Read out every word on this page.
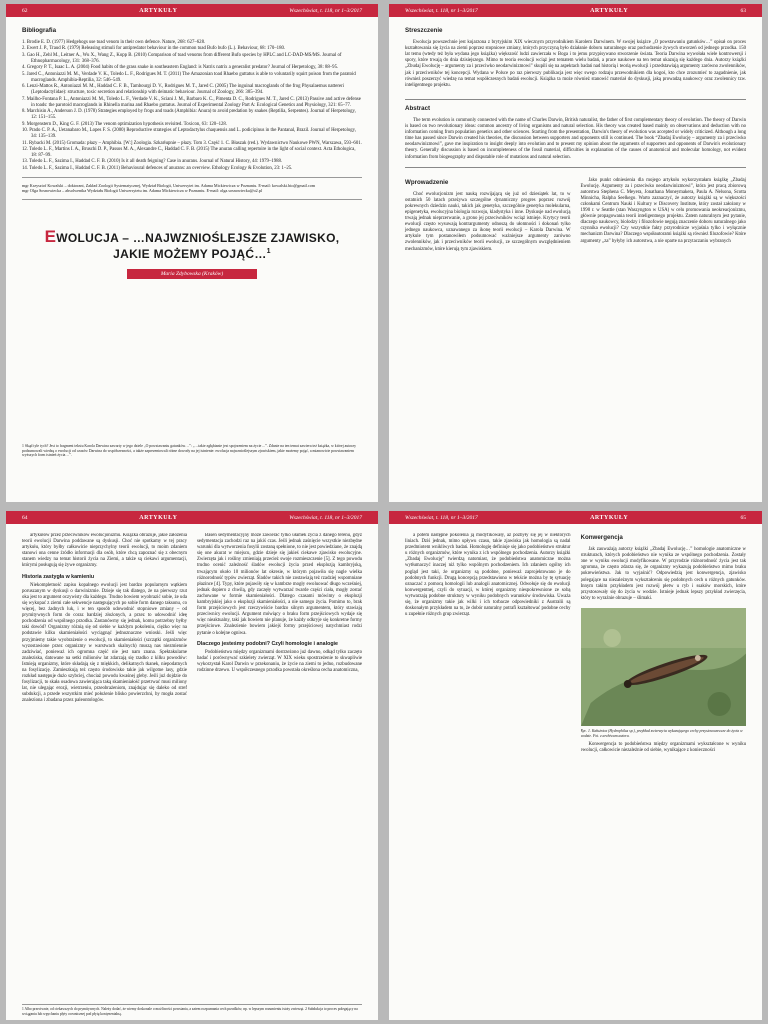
62	ARTYKUŁY	Wszechświat, t. 118, nr 1–3/2017
Bibliografia
1. Brodie E. D. (1977) Hedgehogs use toad venom in their own defence. Nature, 268: 627–628.
2. Ewert J. P., Traud R. (1979) Releasing stimuli for antipredator behaviour in the common toad Bufo bufo (L.). Behaviour, 68: 170–180.
3. Gao H., Zehl M., Leitner A., Wu X., Wang Z., Kopp B. (2010) Comparison of toad venoms from different Bufo species by HPLC and LC-DAD-MS/MS. Journal of Ethnopharmacology, 131: 368–376.
4. Gregory P. T., Isaac L. A. (2004) Food habits of the grass snake in southeastern England: is Natrix natrix a generalist predator? Journal of Herpetology, 38: 88–95.
5. Jared C., Antoniazzi M. M., Verdade V. K., Toledo L. F., Rodrigues M. T. (2011) The Amazonian toad Rhaebo guttatus is able to voluntarily squirt poison from the paratoid macroglands. Amphibia-Reptilia, 32: 546–549.
6. Lenzi-Mattos R., Antoniazzi M. M., Haddad C. F. B., Tambourgi D. V., Rodrigues M. T., Jared C. (2005) The inguinal macroglands of the frog Physalaemus nattereri (Leptodactylidae): structure, toxic secretion and relationship with deimatic behaviour. Journal of Zoology, 266: 385–394.
7. Mailho-Fontana P. L., Antoniazzi M. M., Toledo L. F., Verdade V. K., Sciani J. M., Barbaro K. C., Pimenta D. C., Rodrigues M. T., Jared C. (2013) Passive and active defense in toads: the parotoid macroglands in Rhinella marina and Rhaebo guttatus. Journal of Experimental Zoology Part A: Ecological Genetics and Physiology, 321: 65–77.
8. Marchisin A., Anderson J. D. (1978) Strategies employed by frogs and toads (Amphibia: Anura) to avoid predation by snakes (Reptilia, Serpentes). Journal of Herpetology, 12: 151–155.
9. Morgenstern D., King G. F. (2013) The venom optimization hypothesis revisited. Toxicon, 63: 120–128.
10. Prado C. P. A., Uetanabaro M., Lopes F. S. (2000) Reproductive strategies of Leptodactylus chaquensis and L. podicipinus in the Pantanal, Brazil. Journal of Herpetology, 34: 135–139.
11. Rybacki M. (2015) Gromada: płazy – Amphibia. [W:] Zoologia. Szkarłupnie – płazy. Tom 3. Część 1. C. Błaszak (red.). Wydawnictwo Naukowe PWN, Warszawa, 593–601.
12. Toledo L. F., Martins I. A., Bruschi D. P., Passos M. A., Alexandre C., Haddad C. F. B. (2015) The anuran calling repertoire in the light of social context. Acta Ethologica, 18: 87–99.
13. Toledo L. F., Sazima I., Haddad C. F. B. (2010) Is it all death feigning? Case in anurans. Journal of Natural History, 44: 1979–1988.
14. Toledo L. F., Sazima I., Haddad C. F. B. (2011) Behavioural defences of anurans: an overview. Ethology Ecology & Evolution, 23: 1–25.
mgr Krzysztof Kowalski – doktorant, Zakład Zoologii Systematycznej, Wydział Biologii, Uniwersytet im. Adama Mickiewicza w Poznaniu. E-mail: kowalski.bio@gmail.com
mgr Olga Sosnowiecka – absolwentka Wydziału Biologii Uniwersytetu im. Adama Mickiewicza w Poznaniu. E-mail: olga.sosnowiecka@o2.pl
EWOLUCJA – …NAJWZNIOŚLEJSZE ZJAWISKO,
JAKIE MOŻEMY POJĄĆ…$^1$
Maria Zdybowska (Kraków)
1 Skąd tyle tych? Jest to fragment tekstu Karola Darwina zawarty w jego dziele „O powstawaniu gatunków…”: „…takie zgłębianie jest spojrzeniem na życie ...”. Zdanie na ten temat zawiera też książka, w której autorzy podsumowali wiedzę o ewolucji od czasów Darwina do współczesności, a także zaprezentowali różne dowody na jej istnienie: ewolucja najwznioślejszym zjawiskiem, jakie możemy pojąć, a mianowicie powstawaniem wyższych form istnień życia…”.
Wszechświat, t. 118, nr 1–3/2017	ARTYKUŁY	63
Streszczenie

Ewolucja powszechnie jest kojarzona z brytyjskim XIX wiecznym przyrodnikiem Karolem Darwinem. W swojej książce „O powstawaniu gatunków…” opisał on proces kształtowania się życia na ziemi poprzez stopniowe zmiany, których przyczyną było działanie doboru naturalnego oraz pochodzenie żywych stworzeń od jednego przodka. 150 lat temu (wtedy też była wydana jego książka) większość ludzi zawierzała w Boga i to jemu przypisywano stworzenie świata. Teoria Darwina wywołała wiele kontrowersji i spory, które trwają do dnia dzisiejszego. Mimo to teoria ewolucji wciąż jest tematem wielu badań, a prace naukowe na ten temat ukazują się każdego dnia. Autorzy książki „Zbudaj Ewolucję – argumenty za i przeciwko neodarwinizmowi” skupili się na aspektach badań nad historią i teorią ewolucji i przedstawiają argumenty zarówno zwolenników, jak i przeciwników tej koncepcji. Wydana w Polsce po raz pierwszy publikacja jest więc swego rodzaju przewodnikiem dla kogoś, kto chce zrozumieć to zagadnienie, jak również poszerzyć wiedzę na temat współczesnych badań ewolucji. Książka ta może również stanowić materiał do dyskusji, jaką prowadzą naukowcy oraz zwolennicy tzw. inteligentnego projektu.

Abstract

The term evolution is commonly connected with the name of Charles Darwin, British naturalist, the father of first complementary theory of evolution. The theory of Darwin is based on two revolutionary ideas: common ancestry of living organisms and natural selection. His theory was created based mainly on observations and deduction with no information coming from population genetics and other sciences. Starting from the presentation, Darwin's theory of evolution was accepted or widely criticized. Although a long time has passed since Darwin created his theories, the discussion between supporters and opponents still is continued. The book “Zbadaj Ewolucję – argumenty za i przeciwko neodarwinizmowi”, gave me inspiration to insight deeply into evolution and to present my opinion about the arguments of supporters and opponents of Darwin's evolutionary theory. Generally discussion is based on incompleteness of the fossil material, difficulties in explanation of the causes of anatomical and molecular homology, not evident information from biogeography and disputable role of mutations and natural selection.

Wprowadzenie

Choć ewolucjonizm jest nauką rozwijającą się już od dziesiątek lat, to w ostatnich 50 latach przeżywa szczególne dynamiczny progres poprzez rozwój pokrewnych dziedzin nauki, takich jak genetyka, szczególnie genetyka molekularna, epigenetyka, ewolucyjna biologia rozwoju, kladystyka i inne. Dyskusje nad ewolucją trwają jednak nieprzerwanie, a grono jej przeciwników wciąż istnieje. Krytycy teorii ewolucji często wysuwają kontrargumenty odnoszą do ułomności i dokonań tylko jednego naukowca, uznawanego za ikonę teorii ewolucji – Karola Darwina. W artykule tym postanowiłem podsumować ważniejsze argumenty zarówno zwolenników, jak i przeciwników teorii ewolucji, ze szczególnym uwzględnieniem mechanizmów, które kierują tym zjawiskiem.

Jako punkt odniesienia dla mojego artykułu wykorzystałam książkę „Zbadaj Ewolucję. Argumenty za i przeciwko neodarwinizmowi”, która jest pracą zbiorową autorstwa Stephena C. Meyera, Jonathana Moneymakera, Paula A. Nelsona, Scotta Minnicha, Ralpha Seelkego. Warto zaznaczyć, że autorzy książki są w większości członkami Centrum Nauki i Kultury w Discovery Institute, który został założony w 1990 r. w Seattle (stan Waszyngton w USA) w celu promowania neokreacjonizmu, głównie propagowania teorii inteligentnego projektu. Zatem naturalnym jest pytanie, dlaczego naukowcy, biolodzy i filozofowie negują znaczenie doboru naturalnego jako czynnika ewolucji? Czy wszystkie fakty przyrodnicze wyjaśnia tylko i wyłącznie mechanizm Darwina? Dlaczego współautorami książki są również filozofowie? Które argumenty „za” byłyby ich autorstwa, a nie oparte na przytaczaniu wybranych

64	ARTYKUŁY	Wszechświat, t. 118, nr 1–3/2017

artykułów przez przeciwników ewolucjonizmu. Książka obrazuje, jakie założenia teorii ewolucji Darwina poddawane są dyskusji. Choć nie spotkamy w tej pracy artykułu, który byłby całkowicie nieprzychylny teorii ewolucji, to moim zdaniem stanowi ona cenne źródło informacji dla osób, które chcą zapoznać się z obecnym stanem wiedzy na temat historii życia na Ziemi, a także są ciekawi argumentacji, którymi posługują się żywe organizmy.

Historia zastygła w kamieniu

Niekompletność zapisu kopalnego ewolucji jest bardzo popularnym wątkiem poruszanym w dyskusji o darwinizmie. Dzieje się tak dlatego, że na pierwszy rzut oka jest to argument oczywisty dla każdego. Trudno bowiem wyobrazić sobie, że uda się wykopać z ziemi całe sekwencje następujących po sobie form danego taksonu, co więcej, bez żadnych luk, i w ten sposób udowodnić stopniowe zmiany – od prymitywnych form do coraz bardziej złożonych, a przez to udowodnić ideę pochodzenia od wspólnego przodka. Zastanówmy się jednak, komu potrzebny byłby taki dowód? Organizmy różnią się od siebie w każdym pokoleniu, ciężko więc na podstawie kilku skamieniałości wyciągnąć jednoznaczne wnioski. Jeśli więc przyjmiemy takie wyobrażenie o ewolucji, to skamieniałości (szczątki organizmów wyzostawione przez organizmy w warstwach skalnych) muszą nas niezmiennie zadziwiać, ponieważ ich ogromna część nie jest nam znana. Spektakularne znaleziska, datowane na setki milionów lat zdarzają się rzadko z kilku powodów: Istnieją organizmy, które składają się z miękkich, delikatnych tkanek, niepodatnych na fosylizację. Zamieszkują też często środowisko takie jak wilgotne lasy, gdzie rozkład następuje dużo szybciej, chociaż powodu kwaśnej gleby. Jeśli już dojdzie do fosylizacji, to skała osadowa zawierająca taką skamieniałość przetrwać musi miliony lat, nie ulegając erozji, wietrzeniu, przeobrażeniom, znajdując się daleko od stref subdukcji, a przede wszystkim mieć położenie blisko powierzchni, by mogła zostać znaleziona i zbadana przez paleontologów.

Basen sedymentacyjny może zawierać tylko ułamek życia z danego terenu, gdyż sedymentacja zachodzi raz na jakiś czas. Jeśli jednak zaśnięcie wszystkie niezbędne warunki dla wytworzenia fosylii zostaną spełnione, to nie jest powiedziane, że znajdą się one akurat w miejscu, gdzie dzieje się jakieś ciekawe zjawisko ewolucyjne. Zwierzęta jak i rośliny zmieniają przecież swoje rozmieszczenie [5]. Z tego powodu trudno ocenić zależność śladów ewolucji życia przed eksplozją kambryjską, trwającym około 10 milionów lat okresie, w którym pojawiła się nagle wielka różnorodność typów zwierząt. Śladów takich nie zostawiają też rzadziej wspomniane płazince [4]. Typy, które pojawiły się w kambrze mogły ewoluować długo wcześniej, jednak dopiero z chwilą, gdy zaczęły wytwarzać twarde części ciała, mogły zostać zachowane w formie skamieniałości. Dlatego czasami mówimy o eksplozji kambryjskiej jako o eksplozji skamieniałości, a nie samego życia. Pomimo to, brak form przejściowych jest rzeczywiście bardzo silnym argumentem, który stawiają przeciwnicy ewolucji. Argument mówiący o braku form przejściowych wydaje się więc nieaktualny, taki jak bowiem nie planuje, że każdy odkryje się konkretne formy przejściowe. Znalezienie bowiem jakiejś formy przejściowej natychmiast rodzi pytanie o kolejne ogniwa.

Dlaczego jesteśmy podobni? Czyli homologie i analogie

Podobieństwa między organizmami dostrzeżono już dawno, odkąd tylko zaczęto badać i porównywać szkielety zwierząt. W XIX wieku spostrzeżenie to skwapliwie wykorzystał Karol Darwin w przekonaniu, że życie na ziemi to jedno, rozbudowane rodzinne drzewo. U współczesnego przodka powstała określona cecha anatomiczna,

1 Albo przeciwnie, od ciekawszych do prymitywnych. Należy dodać, że wiemy doskonale o możliwości powstania, a zatem rozpoznania cech przodków, np. w lepszym rozumieniu istoty zwierząt. 2 Subdukcja to proces polegający na wciąganiu lub wpychaniu płyty oceanicznej pod płytę kontynentalną.
Wszechświat, t. 118, nr 1–3/2017	ARTYKUŁY	65

a potem następne pokolenia ją modyfikowały, aż pozbyły się jej w niektórych liniach. Dziś jednak, mimo upływu czasu, takie zjawiska jak homologia są nadal przedmiotem wnikliwych badań. Homologię definiuje się jako podobieństwo struktur u różnych organizmów, które wynika z ich wspólnego pochodzenia. Autorzy książki „Zbadaj Ewolucję” twierdzą natomiast, że podobieństwa anatomiczne można wytłumaczyć inaczej niż tylko wspólnym pochodzeniem. Ich zdaniem ogólny ich pogląd jest taki, że organizmy są podobne, ponieważ zaprojektowano je do podobnych funkcji. Drugą koncepcją przedstawiono w tekście można by tę sytuację oznaczać z pomocą homologii lub analogii anatomicznej. Odwołuje się do ewolucji konwergentnej, czyli do sytuacji, w której organizmy niespokrewnione ze sobą wytwarzają podobne struktury w wyniku podobnych warunków środowiska. Uważa się, że organizmy takie jak wilki i ich torbacze odpowiedniki z Australii są doskonałym przykładem na to, że dobór naturalny potrafi kształtować podobne cechy u zupełnie różnych grup zwierząt.

Konwergencja

Jak zauważają autorzy książki „Zbadaj Ewolucję…” homologie anatomiczne w strukturach, których podobieństwo nie wynika ze wspólnego pochodzenia. Zostały one w wyniku ewolucji modyfikowane. W przyrodzie różnorodność życia jest tak ogromna, że często zdarza się, że organizmy wykazują podobieństwo mimo braku pokrewieństwa. Jak to wyjaśnić? Odpowiedzią jest konwergencja, zjawisko polegające na niezależnym wykształceniu się podobnych cech u różnych gatunków. Innym takim przykładem jest rozwój płetw u ryb i ssaków morskich, które przystosowały się do życia w wodzie. Istnieje jednak lepszy przykład zwierzęcia, który to wyraźnie obrazuje – ślimaki.

Ryc. 1. Kałużnica (Hydrophilus sp.), przykład zwierzęcia wykazującego cechy przystosowawcze do życia w wodzie. Fot. z archiwum autora.

Konwergencja to podobieństwa między organizmami wykształcone w wyniku ewolucji, całkowicie niezależnie od siebie, wynikające z konieczności
